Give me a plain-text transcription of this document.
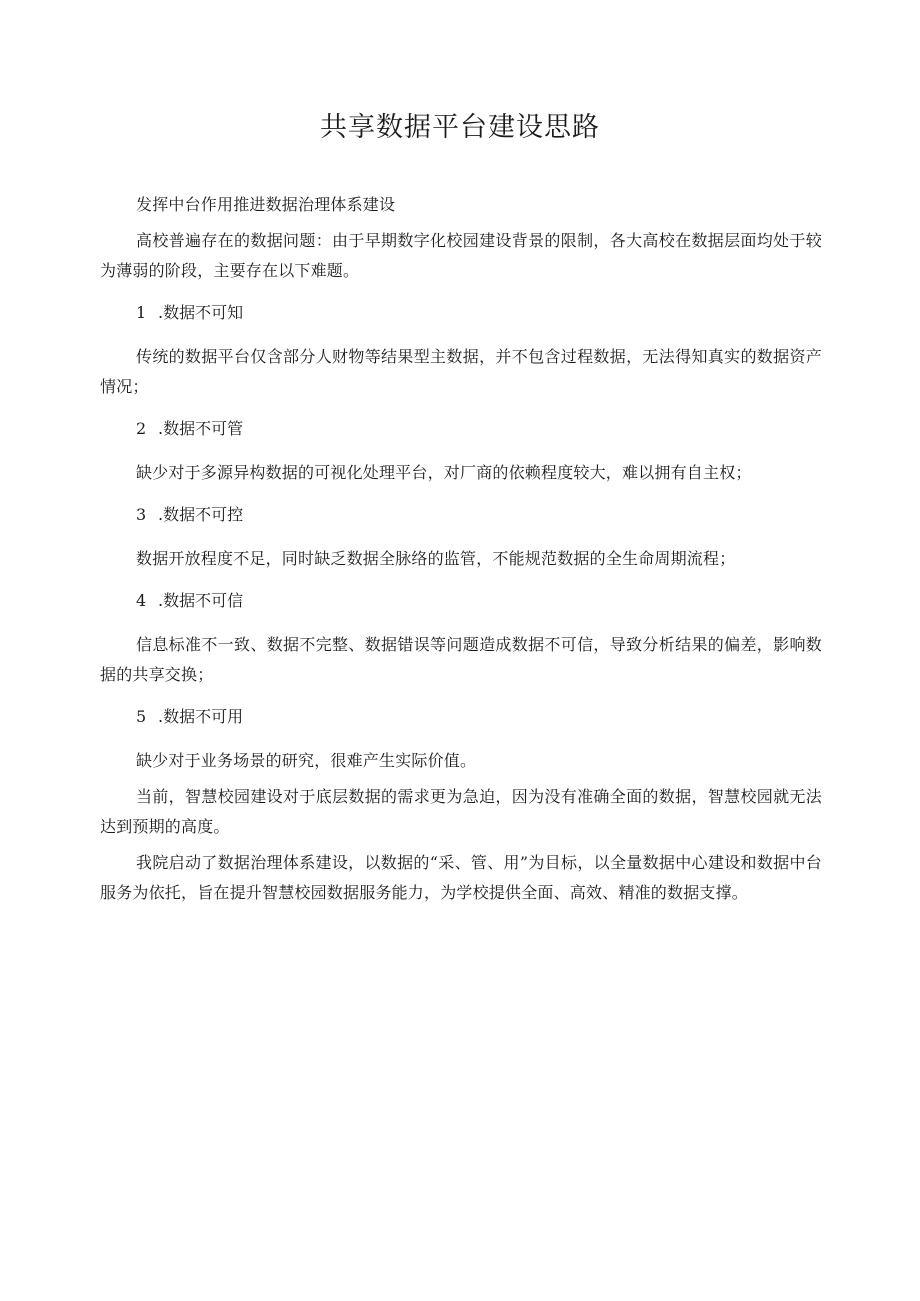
共享数据平台建设思路

发挥中台作用推进数据治理体系建设

高校普遍存在的数据问题：由于早期数字化校园建设背景的限制，各大高校在数据层面均处于较为薄弱的阶段，主要存在以下难题。

1 .数据不可知

传统的数据平台仅含部分人财物等结果型主数据，并不包含过程数据，无法得知真实的数据资产情况；

2 .数据不可管

缺少对于多源异构数据的可视化处理平台，对厂商的依赖程度较大，难以拥有自主权；

3 .数据不可控

数据开放程度不足，同时缺乏数据全脉络的监管，不能规范数据的全生命周期流程；

4 .数据不可信

信息标准不一致、数据不完整、数据错误等问题造成数据不可信，导致分析结果的偏差，影响数据的共享交换；

5 .数据不可用

缺少对于业务场景的研究，很难产生实际价值。

当前，智慧校园建设对于底层数据的需求更为急迫，因为没有准确全面的数据，智慧校园就无法达到预期的高度。

我院启动了数据治理体系建设，以数据的“采、管、用”为目标，以全量数据中心建设和数据中台服务为依托，旨在提升智慧校园数据服务能力，为学校提供全面、高效、精准的数据支撑。
